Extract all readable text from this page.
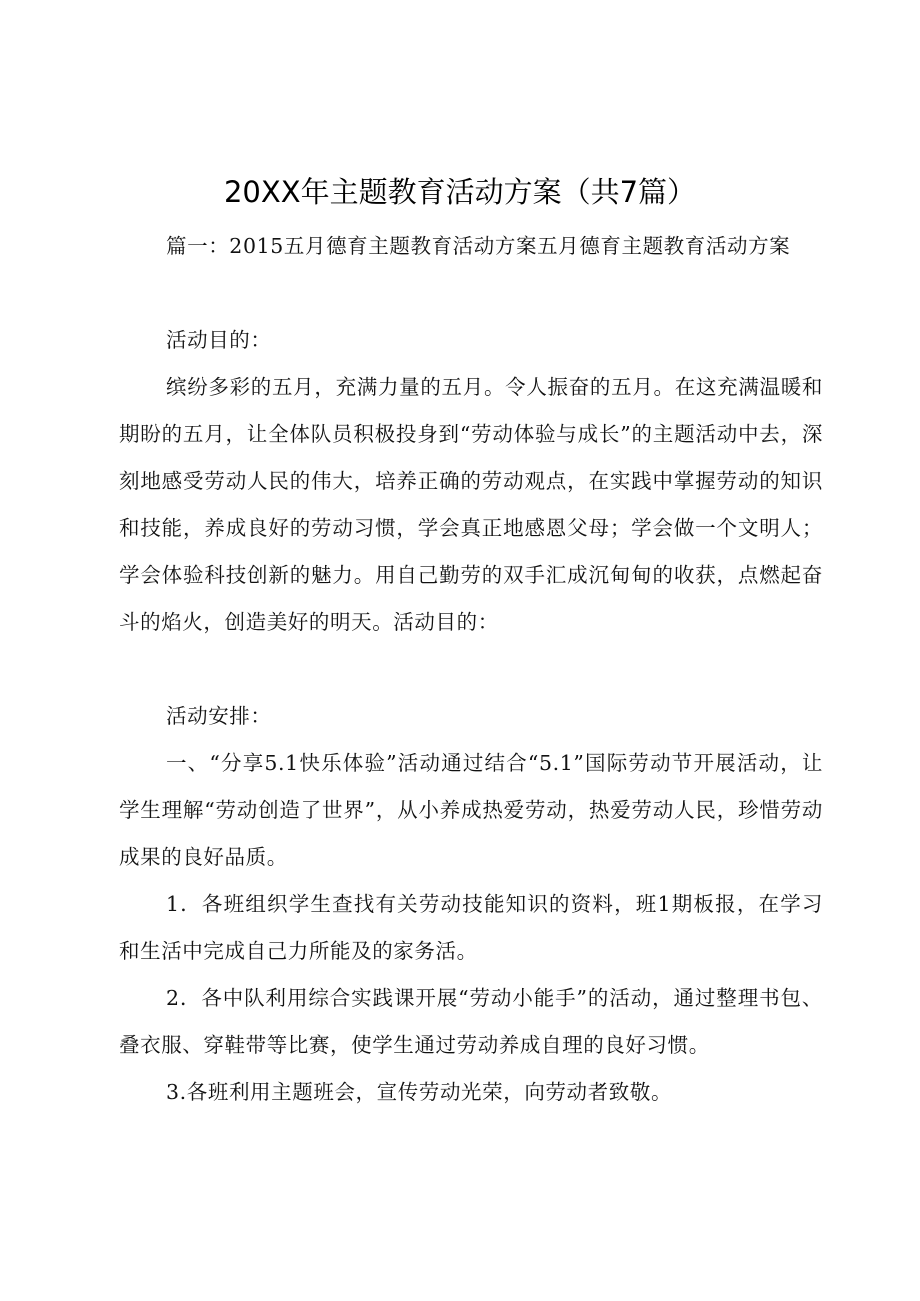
20XX年主题教育活动方案（共7篇）

篇一：2015五月德育主题教育活动方案五月德育主题教育活动方案

活动目的：

缤纷多彩的五月，充满力量的五月。令人振奋的五月。在这充满温暖和期盼的五月，让全体队员积极投身到“劳动体验与成长”的主题活动中去，深刻地感受劳动人民的伟大，培养正确的劳动观点，在实践中掌握劳动的知识和技能，养成良好的劳动习惯，学会真正地感恩父母；学会做一个文明人；学会体验科技创新的魅力。用自己勤劳的双手汇成沉甸甸的收获，点燃起奋斗的焰火，创造美好的明天。活动目的：

活动安排：

一、“分享5.1快乐体验”活动通过结合“5.1”国际劳动节开展活动，让学生理解“劳动创造了世界”，从小养成热爱劳动，热爱劳动人民，珍惜劳动成果的良好品质。

1．各班组织学生查找有关劳动技能知识的资料，班1期板报，在学习和生活中完成自己力所能及的家务活。

2．各中队利用综合实践课开展“劳动小能手”的活动，通过整理书包、叠衣服、穿鞋带等比赛，使学生通过劳动养成自理的良好习惯。

3.各班利用主题班会，宣传劳动光荣，向劳动者致敬。
